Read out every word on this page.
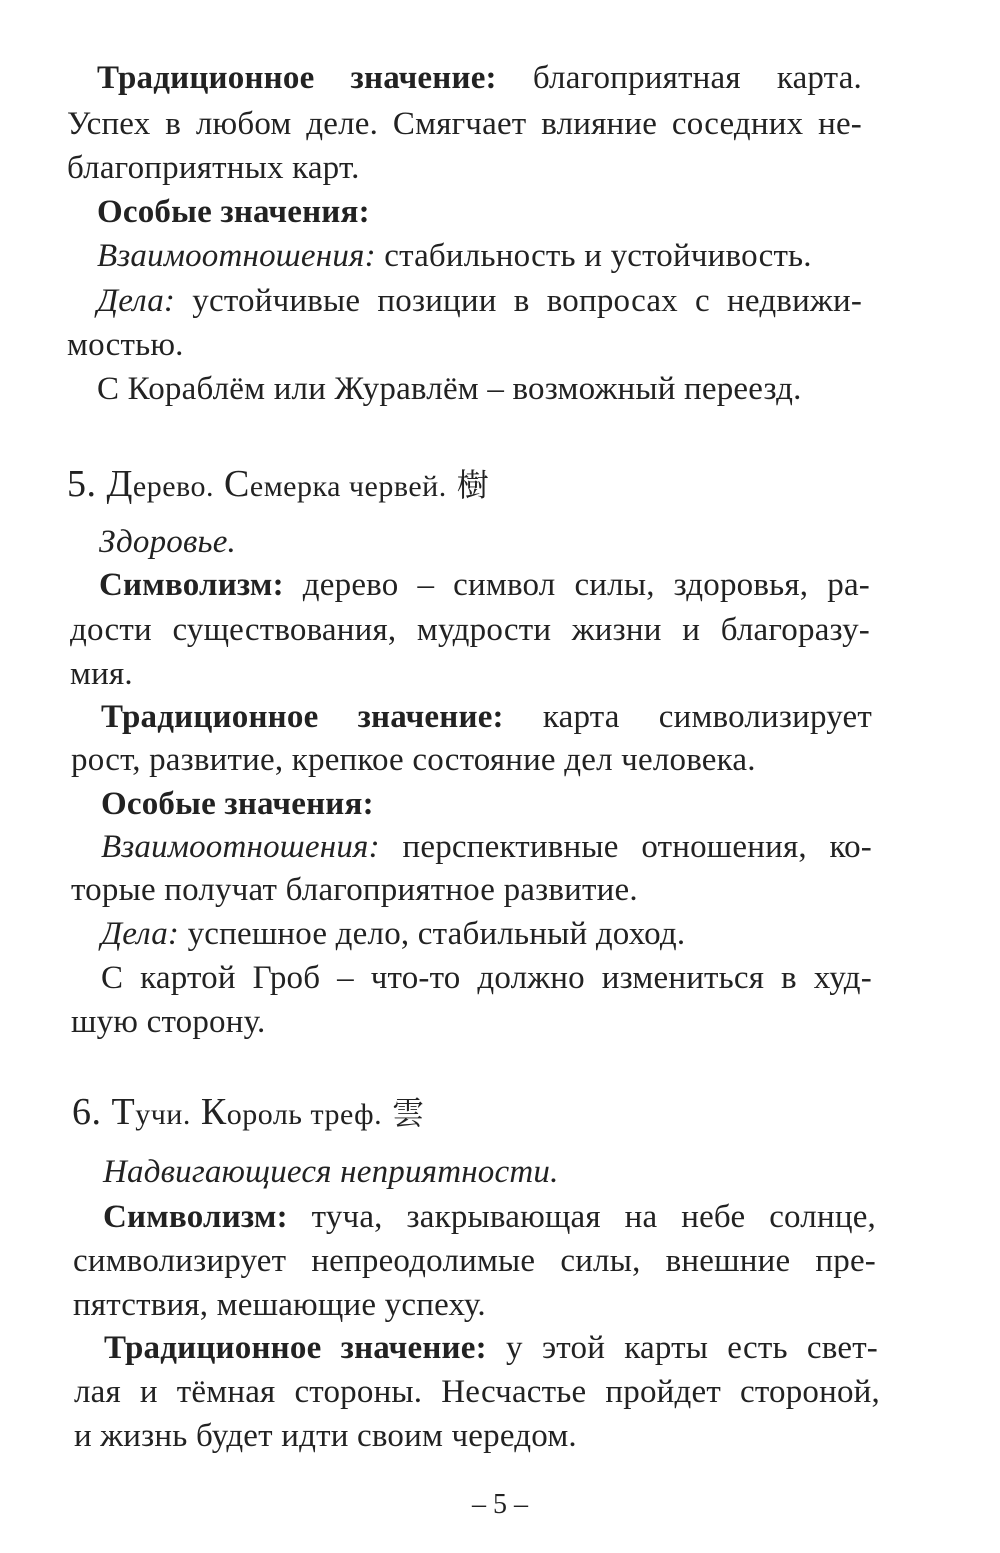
Традиционное значение: благоприятная карта.
Успех в любом деле. Смягчает влияние соседних не-
благоприятных карт.
Особые значения:
Взаимоотношения: стабильность и устойчивость.
Дела: устойчивые позиции в вопросах с недвижи-
мостью.
С Кораблём или Журавлём – возможный переезд.
5. Дерево. Семерка червей. 樹
Здоровье.
Символизм: дерево – символ силы, здоровья, ра-
дости существования, мудрости жизни и благоразу-
мия.
Традиционное значение: карта символизирует
рост, развитие, крепкое состояние дел человека.
Особые значения:
Взаимоотношения: перспективные отношения, ко-
торые получат благоприятное развитие.
Дела: успешное дело, стабильный доход.
С картой Гроб – что-то должно измениться в худ-
шую сторону.
6. Тучи. Король треф. 雲
Надвигающиеся неприятности.
Символизм: туча, закрывающая на небе солнце,
символизирует непреодолимые силы, внешние пре-
пятствия, мешающие успеху.
Традиционное значение: у этой карты есть свет-
лая и тёмная стороны. Несчастье пройдет стороной,
и жизнь будет идти своим чередом.
– 5 –
